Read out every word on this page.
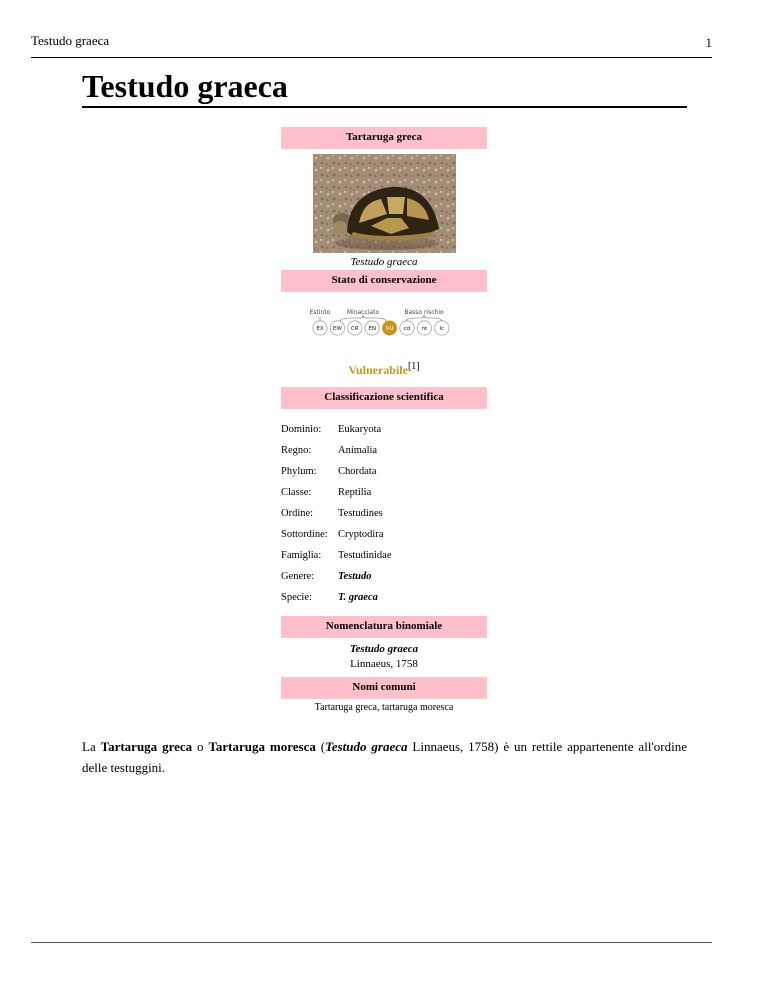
Testudo graeca	1
Testudo graeca
Tartaruga greca
Testudo graeca
Stato di conservazione
Estinto	Minacciato	Basso rischio
EX EW CR EN VU cd nt lc
Vulnerabile[1]
Classificazione scientifica
Dominio:	Eukaryota
Regno:	Animalia
Phylum:	Chordata
Classe:	Reptilia
Ordine:	Testudines
Sottordine: Cryptodira
Famiglia:	Testudinidae
Genere:	Testudo
Specie:	T. graeca
Nomenclatura binomiale
Testudo graeca
Linnaeus, 1758
Nomi comuni
Tartaruga greca, tartaruga moresca

La Tartaruga greca o Tartaruga moresca (Testudo graeca Linnaeus, 1758) è un rettile appartenente all'ordine delle testuggini.
